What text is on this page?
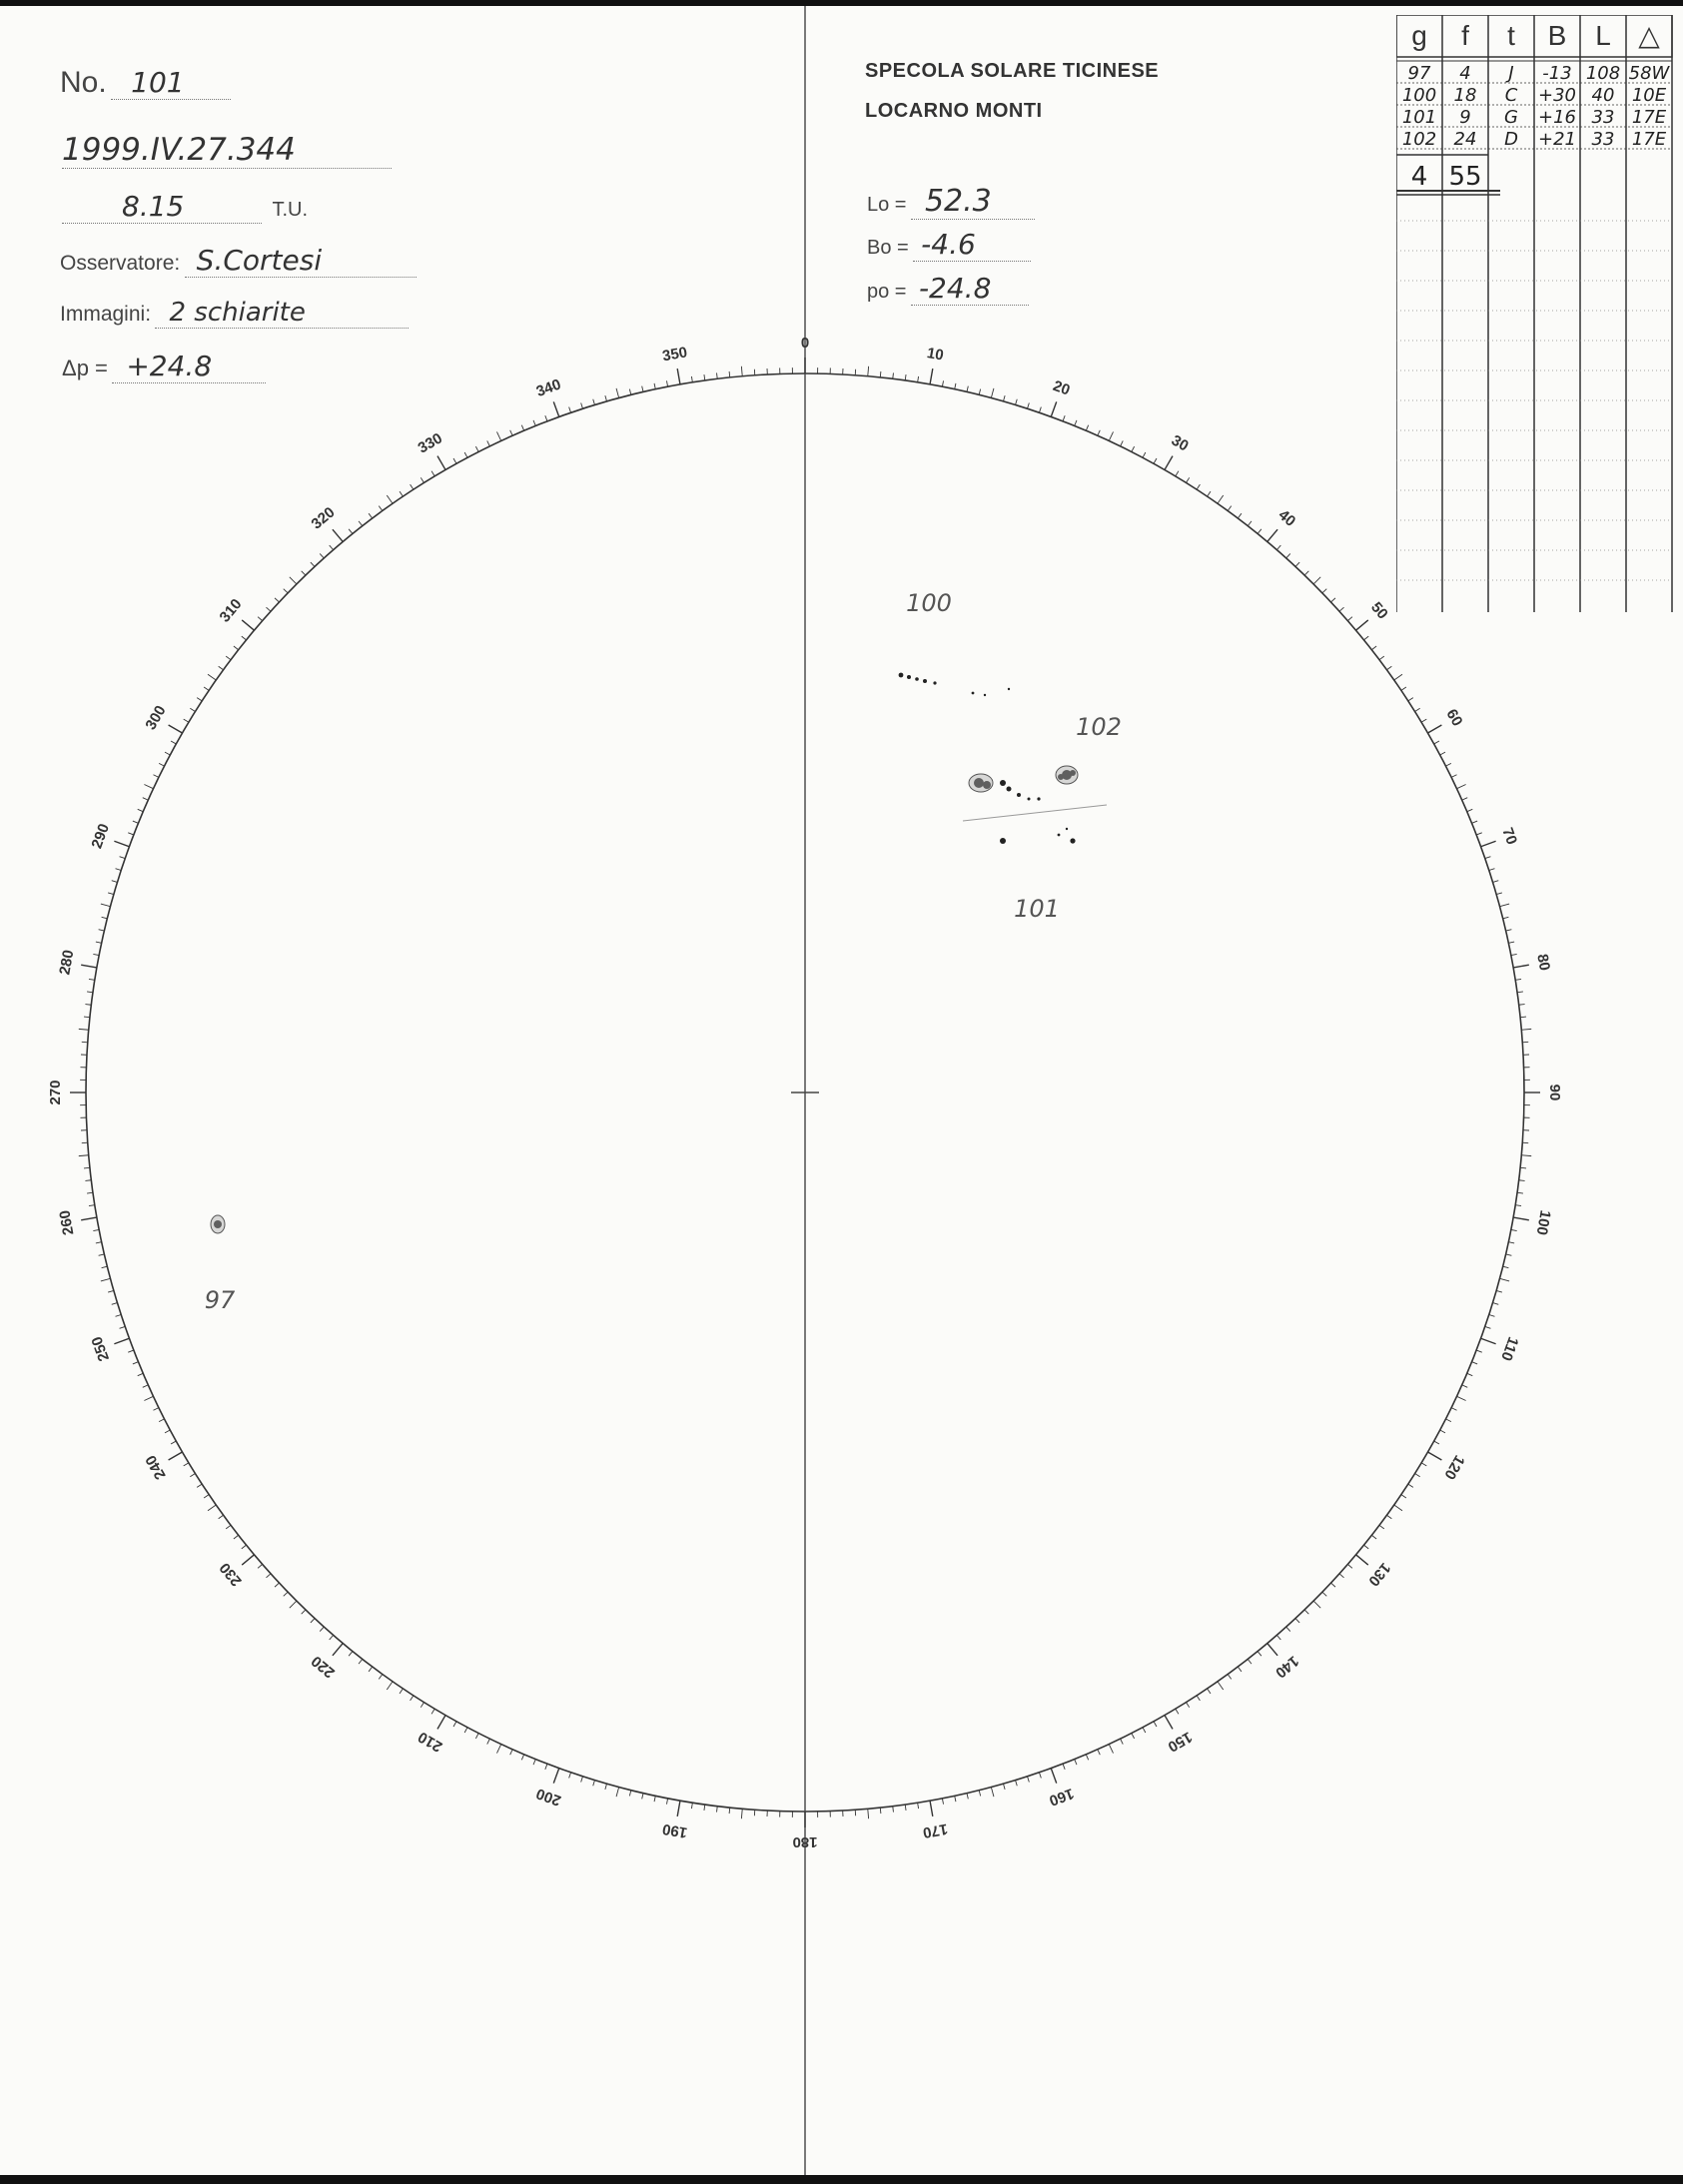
No. 101
1999.IV.27.344
8.15	T.U.
Osservatore: S.Cortesi
Immagini: 2 schiarite
Δp = +24.8
SPECOLA SOLARE TICINESE
LOCARNO MONTI
Lo = 52.3
Bo = -4.6
po = -24.8
g f t B L △
97 4 J -13 108 58W
100 18 C +30 40 10E
101 9 G +16 33 17E
102 24 D +21 33 17E
4 55
0
10
20
30
40
50
60
70
80
90
100
110
120
130
140
150
160
170
180
190
200
210
220
230
240
250
260
270
280
290
300
310
320
330
340
350
100
102
101
97
